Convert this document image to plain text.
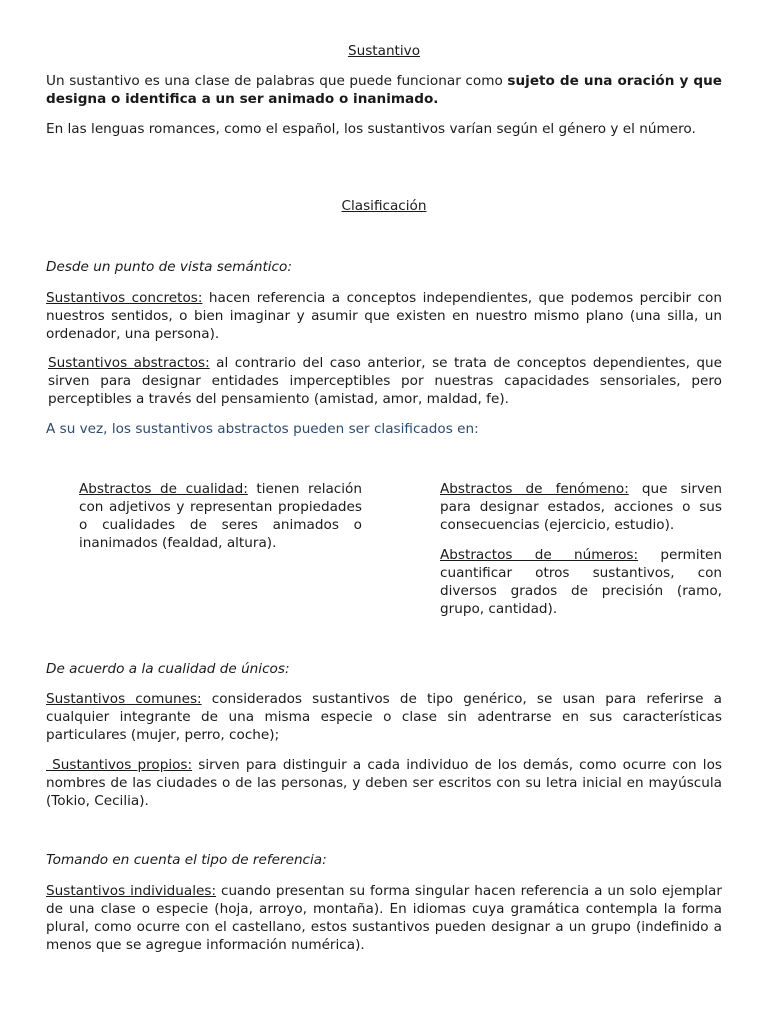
Sustantivo

Un sustantivo es una clase de palabras que puede funcionar como sujeto de una oración y que designa o identifica a un ser animado o inanimado.

En las lenguas romances, como el español, los sustantivos varían según el género y el número.

Clasificación

Desde un punto de vista semántico:

Sustantivos concretos: hacen referencia a conceptos independientes, que podemos percibir con nuestros sentidos, o bien imaginar y asumir que existen en nuestro mismo plano (una silla, un ordenador, una persona).

Sustantivos abstractos: al contrario del caso anterior, se trata de conceptos dependientes, que sirven para designar entidades imperceptibles por nuestras capacidades sensoriales, pero perceptibles a través del pensamiento (amistad, amor, maldad, fe).

A su vez, los sustantivos abstractos pueden ser clasificados en:

Abstractos de cualidad: tienen relación con adjetivos y representan propiedades o cualidades de seres animados o inanimados (fealdad, altura).
Abstractos de fenómeno: que sirven para designar estados, acciones o sus consecuencias (ejercicio, estudio).
Abstractos de números: permiten cuantificar otros sustantivos, con diversos grados de precisión (ramo, grupo, cantidad).

De acuerdo a la cualidad de únicos:

Sustantivos comunes: considerados sustantivos de tipo genérico, se usan para referirse a cualquier integrante de una misma especie o clase sin adentrarse en sus características particulares (mujer, perro, coche);

Sustantivos propios: sirven para distinguir a cada individuo de los demás, como ocurre con los nombres de las ciudades o de las personas, y deben ser escritos con su letra inicial en mayúscula (Tokio, Cecilia).

Tomando en cuenta el tipo de referencia:

Sustantivos individuales: cuando presentan su forma singular hacen referencia a un solo ejemplar de una clase o especie (hoja, arroyo, montaña). En idiomas cuya gramática contempla la forma plural, como ocurre con el castellano, estos sustantivos pueden designar a un grupo (indefinido a menos que se agregue información numérica).
